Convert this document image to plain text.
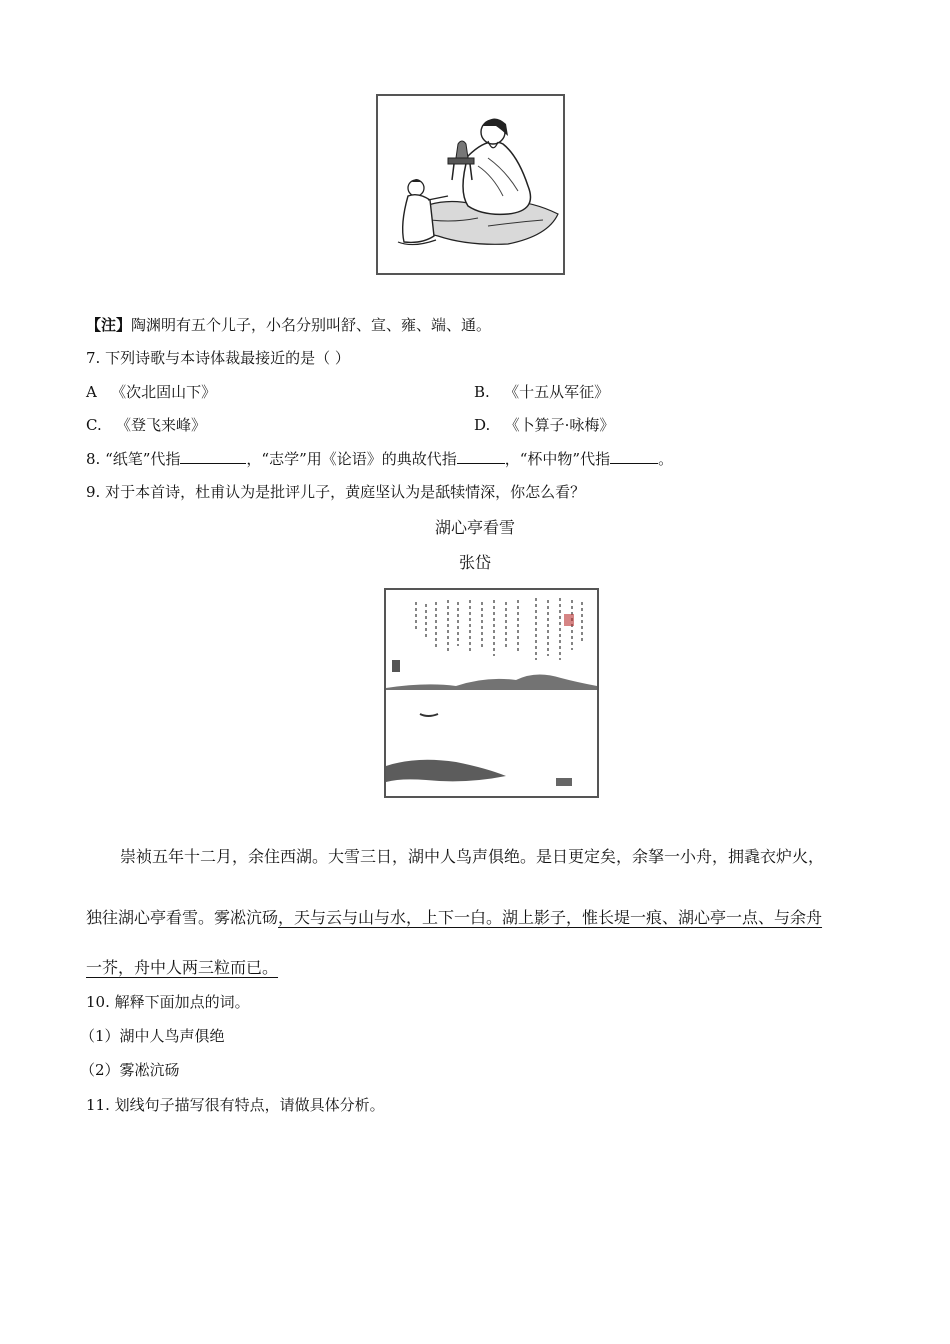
【注】陶渊明有五个儿子，小名分别叫舒、宣、雍、端、通。
7. 下列诗歌与本诗体裁最接近的是（ ）
A 《次北固山下》	B. 《十五从军征》
C. 《登飞来峰》	D. 《卜算子·咏梅》
8. “纸笔”代指	，“志学”用《论语》的典故代指	，“杯中物”代指	。
9. 对于本首诗，杜甫认为是批评儿子，黄庭坚认为是舐犊情深，你怎么看？
湖心亭看雪
张岱
崇祯五年十二月，余住西湖。大雪三日，湖中人鸟声俱绝。是日更定矣，余拏一小舟，拥毳衣炉火，
独往湖心亭看雪。雾凇沆砀，天与云与山与水，上下一白。湖上影子，惟长堤一痕、湖心亭一点、与余舟
一芥，舟中人两三粒而已。
10. 解释下面加点的词。
（1）湖中人鸟声俱绝
（2）雾凇沆砀
11. 划线句子描写很有特点，请做具体分析。
